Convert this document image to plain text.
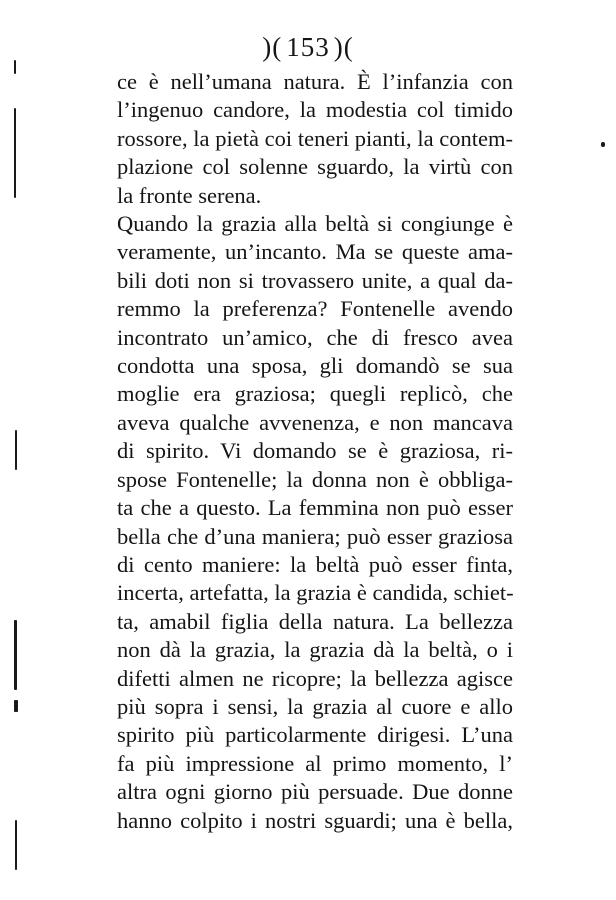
)( 153 )(
ce è nell’umana natura. È l’infanzia con
l’ingenuo candore, la modestia col timido
rossore, la pietà coi teneri pianti, la contem-
plazione col solenne sguardo, la virtù con
la fronte serena.
Quando la grazia alla beltà si congiunge è
veramente, un’incanto. Ma se queste ama-
bili doti non si trovassero unite, a qual da-
remmo la preferenza? Fontenelle avendo
incontrato un’amico, che di fresco avea
condotta una sposa, gli domandò se sua
moglie era graziosa; quegli replicò, che
aveva qualche avvenenza, e non mancava
di spirito. Vi domando se è graziosa, ri-
spose Fontenelle; la donna non è obbliga-
ta che a questo. La femmina non può esser
bella che d’una maniera; può esser graziosa
di cento maniere: la beltà può esser finta,
incerta, artefatta, la grazia è candida, schiet-
ta, amabil figlia della natura. La bellezza
non dà la grazia, la grazia dà la beltà, o i
difetti almen ne ricopre; la bellezza agisce
più sopra i sensi, la grazia al cuore e allo
spirito più particolarmente dirigesi. L’una
fa più impressione al primo momento, l’
altra ogni giorno più persuade. Due donne
hanno colpito i nostri sguardi; una è bella,
